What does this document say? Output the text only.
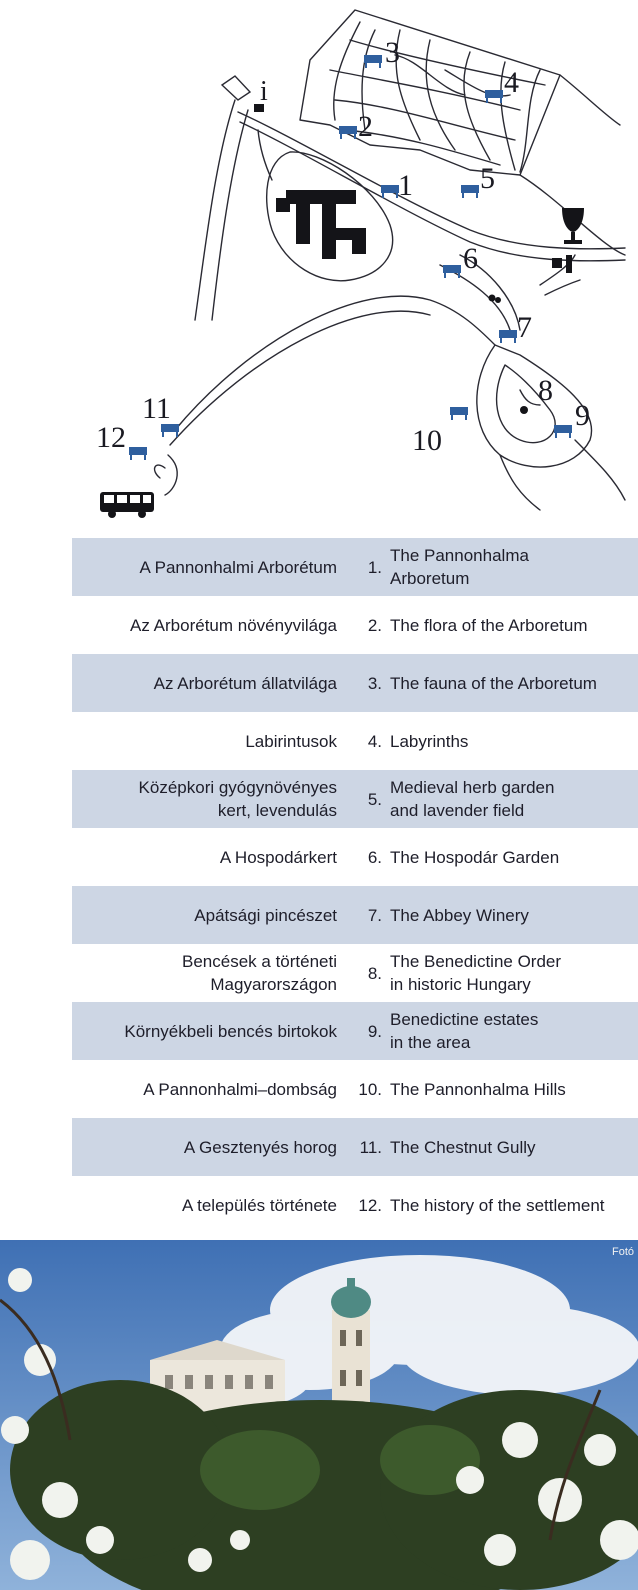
i
1
2
3
4
5
6
7
8
9
10
11
12
A Pannonhalmi Arborétum 1.
The Pannonhalma
Arboretum
Az Arborétum növényvilága 2. The flora of the Arboretum
Az Arborétum állatvilága 3. The fauna of the Arboretum
Labirintusok 4. Labyrinths
Középkori gyógynövényes
kert, levendulás
5.
Medieval herb garden
and lavender field
A Hospodárkert 6. The Hospodár Garden
Apátsági pincészet 7. The Abbey Winery
Bencések a történeti
Magyarországon
8.
The Benedictine Order
in historic Hungary
Környékbeli bencés birtokok 9.
Benedictine estates
in the area
A Pannonhalmi–dombság 10. The Pannonhalma Hills
A Gesztenyés horog 11. The Chestnut Gully
A település története 12. The history of the settlement
Fotó
